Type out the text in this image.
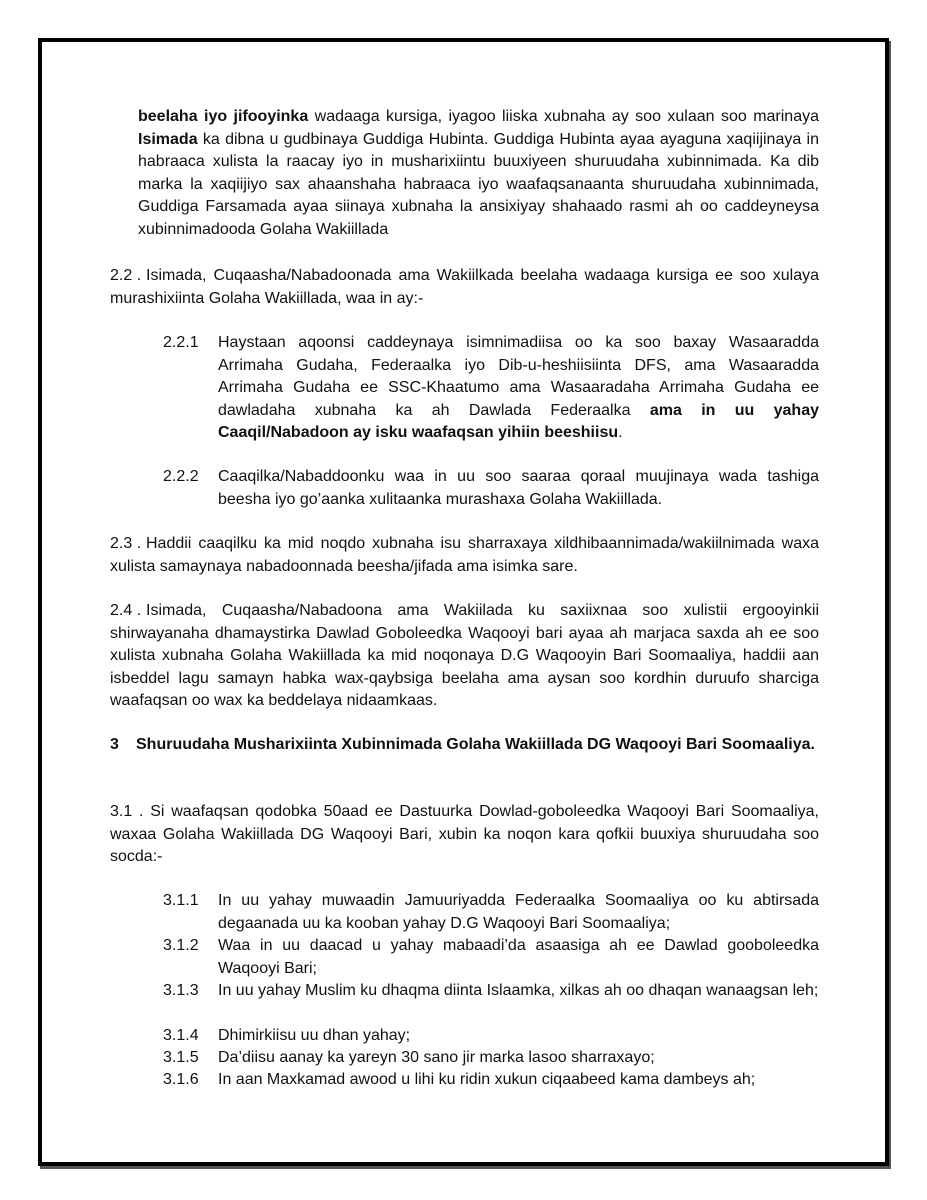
beelaha iyo jifooyinka wadaaga kursiga, iyagoo liiska xubnaha ay soo xulaan soo marinaya Isimada ka dibna u gudbinaya Guddiga Hubinta. Guddiga Hubinta ayaa ayaguna xaqiijinaya in habraaca xulista la raacay iyo in musharixiintu buuxiyeen shuruudaha xubinnimada. Ka dib marka la xaqiijiyo sax ahaanshaha habraaca iyo waafaqsanaanta shuruudaha xubinnimada, Guddiga Farsamada ayaa siinaya xubnaha la ansixiyay shahaado rasmi ah oo caddeyneysa xubinnimadooda Golaha Wakiillada

2.2 . Isimada, Cuqaasha/Nabadoonada ama Wakiilkada beelaha wadaaga kursiga ee soo xulaya murashixiinta Golaha Wakiillada, waa in ay:-

2.2.1 Haystaan aqoonsi caddeynaya isimnimadiisa oo ka soo baxay Wasaaradda Arrimaha Gudaha, Federaalka iyo Dib-u-heshiisiinta DFS, ama Wasaaradda Arrimaha Gudaha ee SSC-Khaatumo ama Wasaaradaha Arrimaha Gudaha ee dawladaha xubnaha ka ah Dawlada Federaalka ama in uu yahay Caaqil/Nabadoon ay isku waafaqsan yihiin beeshiisu.

2.2.2 Caaqilka/Nabaddoonku waa in uu soo saaraa qoraal muujinaya wada tashiga beesha iyo go’aanka xulitaanka murashaxa Golaha Wakiillada.

2.3 . Haddii caaqilku ka mid noqdo xubnaha isu sharraxaya xildhibaannimada/wakiilnimada waxa xulista samaynaya nabadoonnada beesha/jifada ama isimka sare.

2.4 . Isimada, Cuqaasha/Nabadoona ama Wakiilada ku saxiixnaa soo xulistii ergooyinkii shirwayanaha dhamaystirka Dawlad Goboleedka Waqooyi bari ayaa ah marjaca saxda ah ee soo xulista xubnaha Golaha Wakiillada ka mid noqonaya D.G Waqooyin Bari Soomaaliya, haddii aan isbeddel lagu samayn habka wax-qaybsiga beelaha ama aysan soo kordhin duruufo sharciga waafaqsan oo wax ka beddelaya nidaamkaas.

3	Shuruudaha Musharixiinta Xubinnimada Golaha Wakiillada DG Waqooyi Bari Soomaaliya.

3.1 . Si waafaqsan qodobka 50aad ee Dastuurka Dowlad-goboleedka Waqooyi Bari Soomaaliya, waxaa Golaha Wakiillada DG Waqooyi Bari, xubin ka noqon kara qofkii buuxiya shuruudaha soo socda:-

3.1.1 In uu yahay muwaadin Jamuuriyadda Federaalka Soomaaliya oo ku abtirsada degaanada uu ka kooban yahay D.G Waqooyi Bari Soomaaliya;

3.1.2 Waa in uu daacad u yahay mabaadi’da asaasiga ah ee Dawlad gooboleedka Waqooyi Bari;

3.1.3 In uu yahay Muslim ku dhaqma diinta Islaamka, xilkas ah oo dhaqan wanaagsan leh;

3.1.4 Dhimirkiisu uu dhan yahay;

3.1.5 Da’diisu aanay ka yareyn 30 sano jir marka lasoo sharraxayo;

3.1.6 In aan Maxkamad awood u lihi ku ridin xukun ciqaabeed kama dambeys ah;
